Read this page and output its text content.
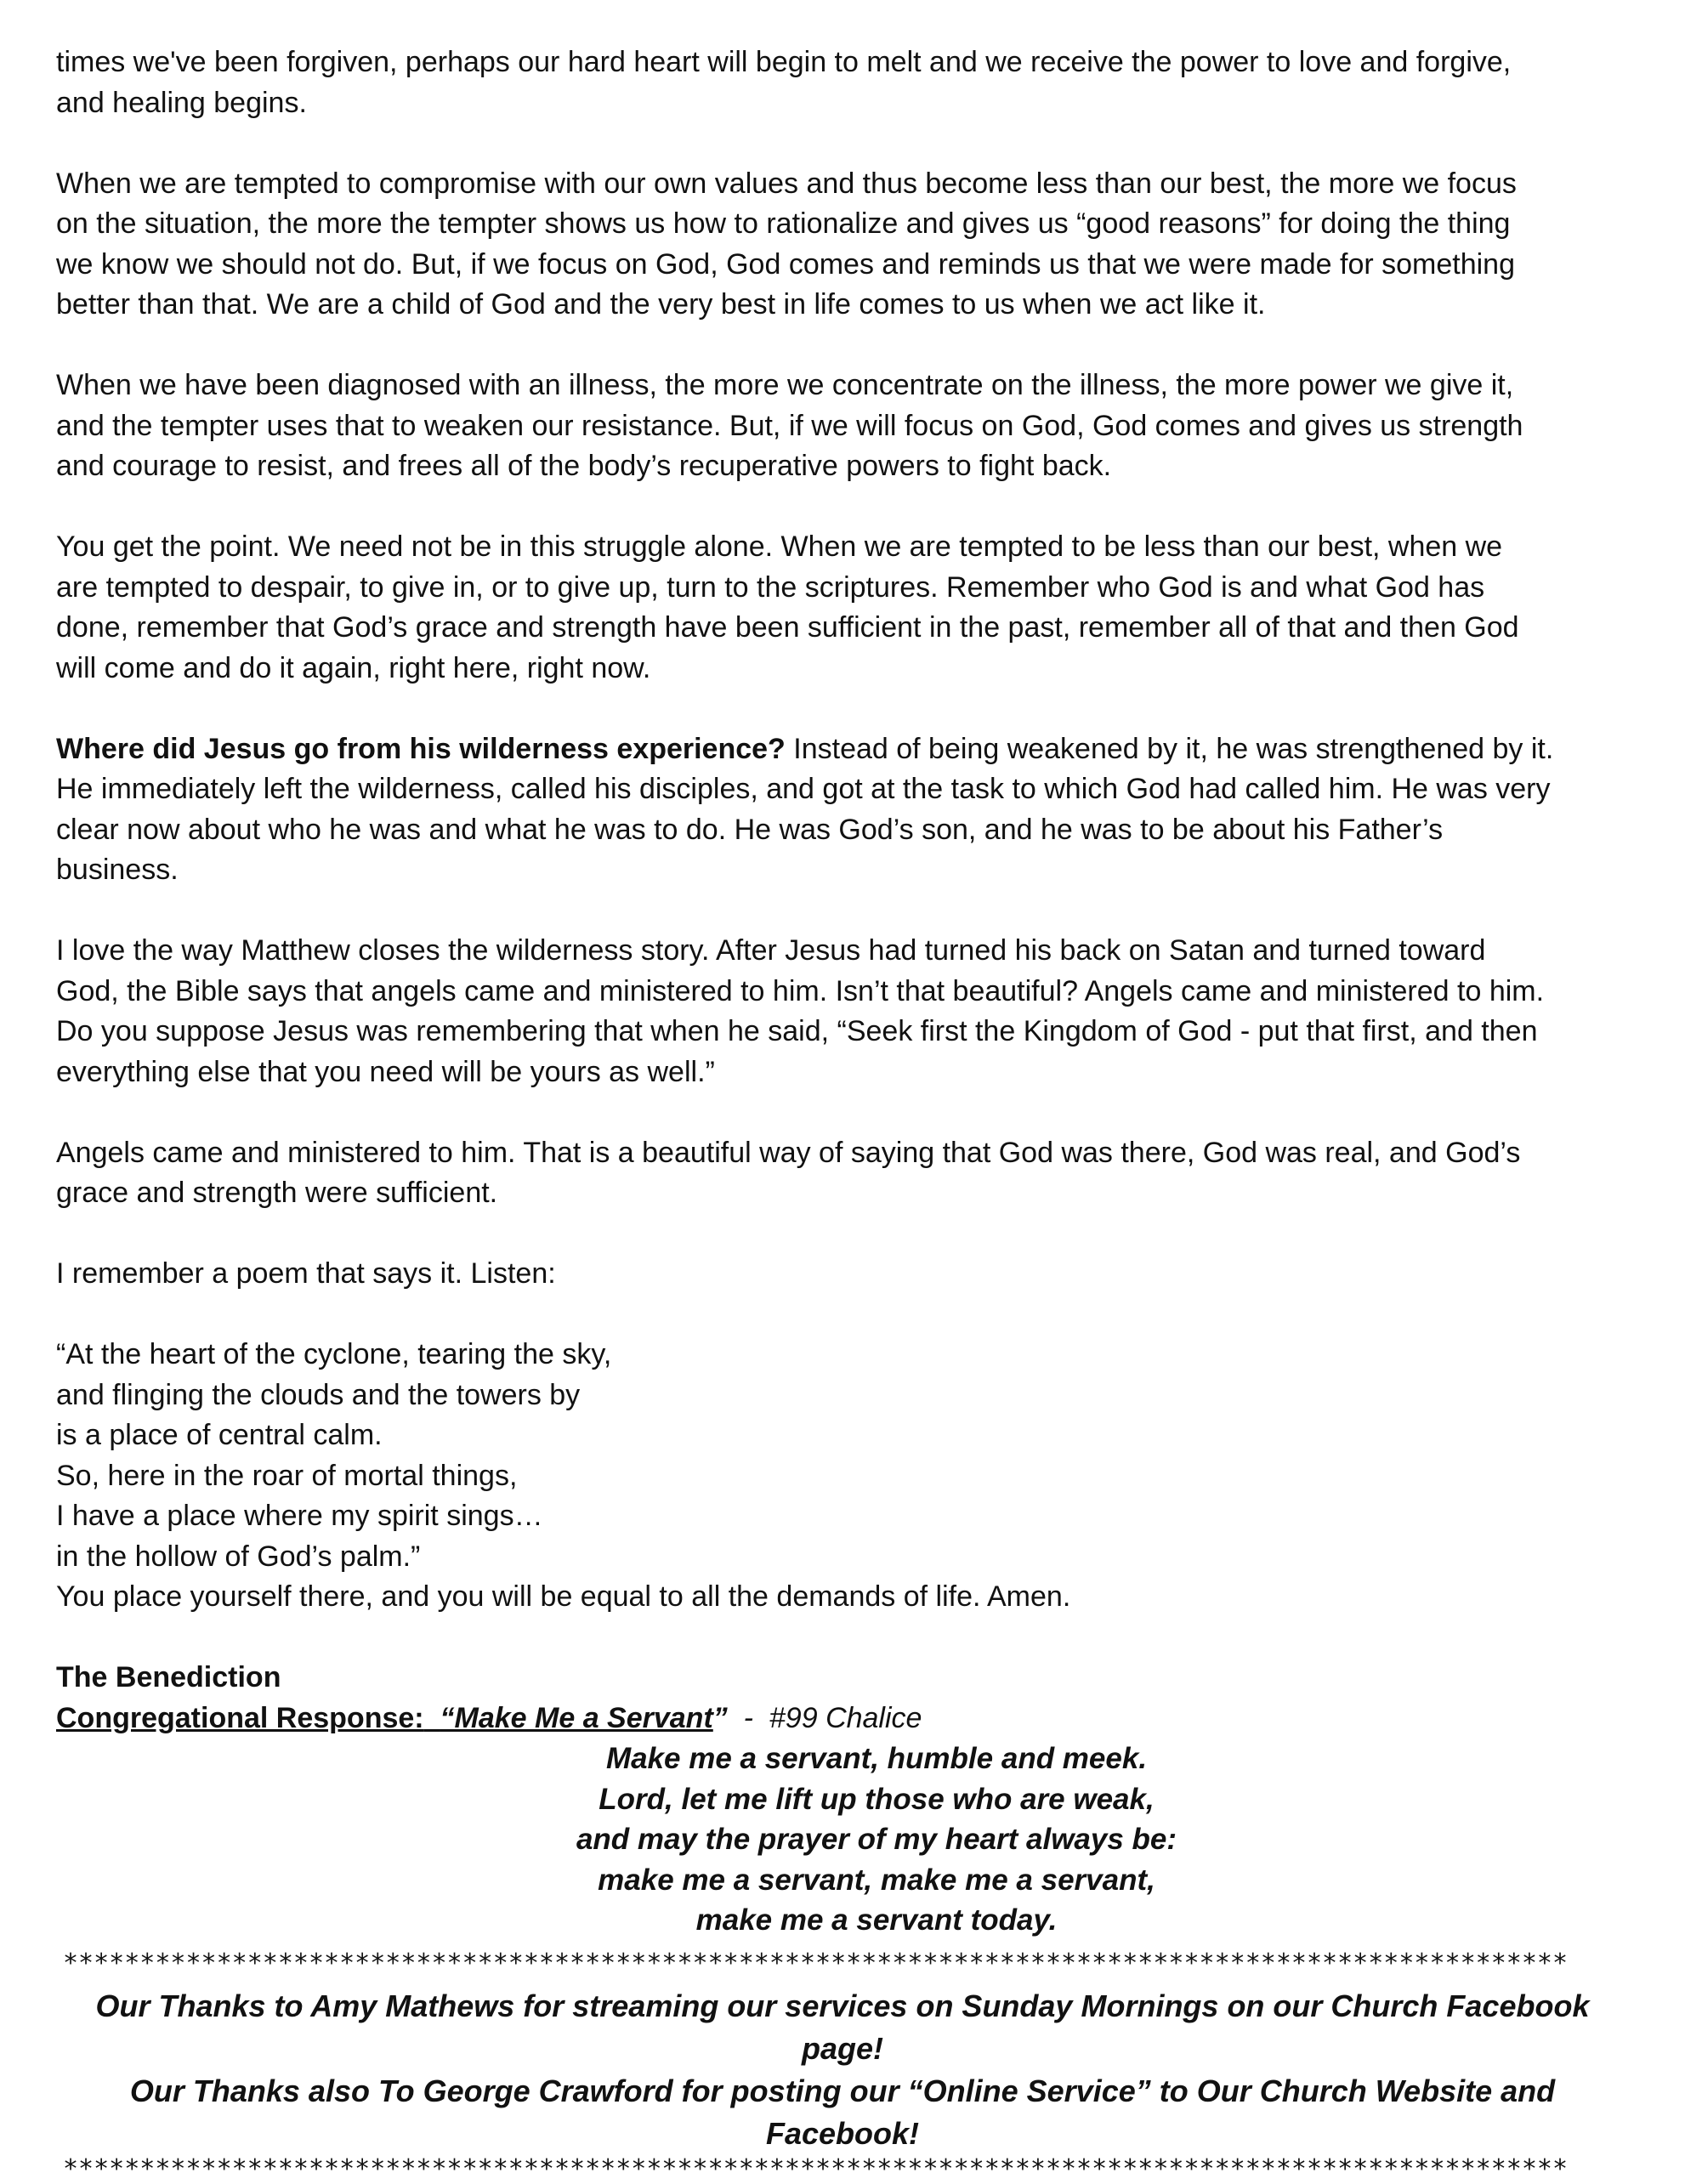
times we've been forgiven, perhaps our hard heart will begin to melt and we receive the power to love and forgive,
and healing begins.

When we are tempted to compromise with our own values and thus become less than our best, the more we focus
on the situation, the more the tempter shows us how to rationalize and gives us “good reasons” for doing the thing
we know we should not do. But, if we focus on God, God comes and reminds us that we were made for something
better than that. We are a child of God and the very best in life comes to us when we act like it.

When we have been diagnosed with an illness, the more we concentrate on the illness, the more power we give it,
and the tempter uses that to weaken our resistance. But, if we will focus on God, God comes and gives us strength
and courage to resist, and frees all of the body’s recuperative powers to fight back.

You get the point. We need not be in this struggle alone. When we are tempted to be less than our best, when we
are tempted to despair, to give in, or to give up, turn to the scriptures. Remember who God is and what God has
done, remember that God’s grace and strength have been sufficient in the past, remember all of that and then God
will come and do it again, right here, right now.

Where did Jesus go from his wilderness experience? Instead of being weakened by it, he was strengthened by it.
He immediately left the wilderness, called his disciples, and got at the task to which God had called him. He was very
clear now about who he was and what he was to do. He was God’s son, and he was to be about his Father’s
business.

I love the way Matthew closes the wilderness story. After Jesus had turned his back on Satan and turned toward
God, the Bible says that angels came and ministered to him. Isn’t that beautiful? Angels came and ministered to him.
Do you suppose Jesus was remembering that when he said, “Seek first the Kingdom of God - put that first, and then
everything else that you need will be yours as well.”

Angels came and ministered to him. That is a beautiful way of saying that God was there, God was real, and God’s
grace and strength were sufficient.

I remember a poem that says it. Listen:

“At the heart of the cyclone, tearing the sky,
and flinging the clouds and the towers by
is a place of central calm.
So, here in the roar of mortal things,
I have a place where my spirit sings…
in the hollow of God’s palm.”
You place yourself there, and you will be equal to all the demands of life. Amen.
The Benediction
Congregational Response: “Make Me a Servant”  -  #99 Chalice
Make me a servant, humble and meek.
Lord, let me lift up those who are weak,
and may the prayer of my heart always be:
make me a servant, make me a servant,
make me a servant today.
**************************************************************************************************
Our Thanks to Amy Mathews for streaming our services on Sunday Mornings on our Church Facebook page!
Our Thanks also To George Crawford for posting our “Online Service” to Our Church Website and Facebook!
**************************************************************************************************
